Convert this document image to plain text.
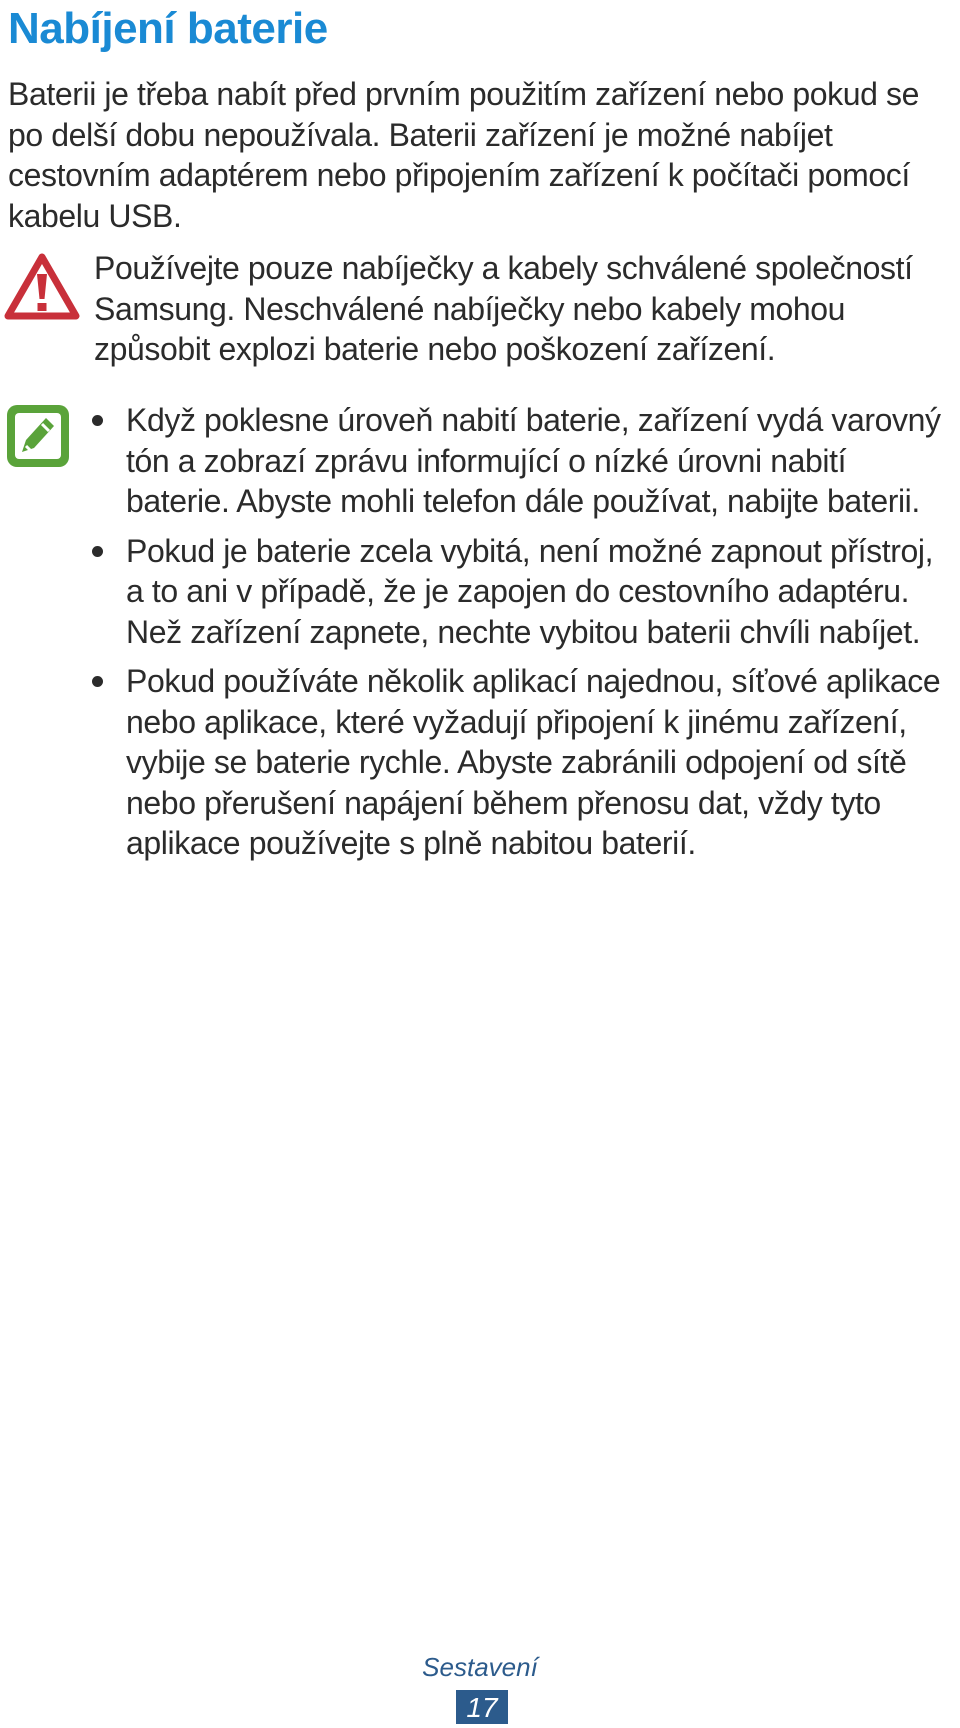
Nabíjení baterie

Baterii je třeba nabít před prvním použitím zařízení nebo pokud se po delší dobu nepoužívala. Baterii zařízení je možné nabíjet cestovním adaptérem nebo připojením zařízení k počítači pomocí kabelu USB.

Používejte pouze nabíječky a kabely schválené společností Samsung. Neschválené nabíječky nebo kabely mohou způsobit explozi baterie nebo poškození zařízení.

Když poklesne úroveň nabití baterie, zařízení vydá varovný tón a zobrazí zprávu informující o nízké úrovni nabití baterie. Abyste mohli telefon dále používat, nabijte baterii.
Pokud je baterie zcela vybitá, není možné zapnout přístroj, a to ani v případě, že je zapojen do cestovního adaptéru. Než zařízení zapnete, nechte vybitou baterii chvíli nabíjet.
Pokud používáte několik aplikací najednou, síťové aplikace nebo aplikace, které vyžadují připojení k jinému zařízení, vybije se baterie rychle. Abyste zabránili odpojení od sítě nebo přerušení napájení během přenosu dat, vždy tyto aplikace používejte s plně nabitou baterií.
Sestavení
17
